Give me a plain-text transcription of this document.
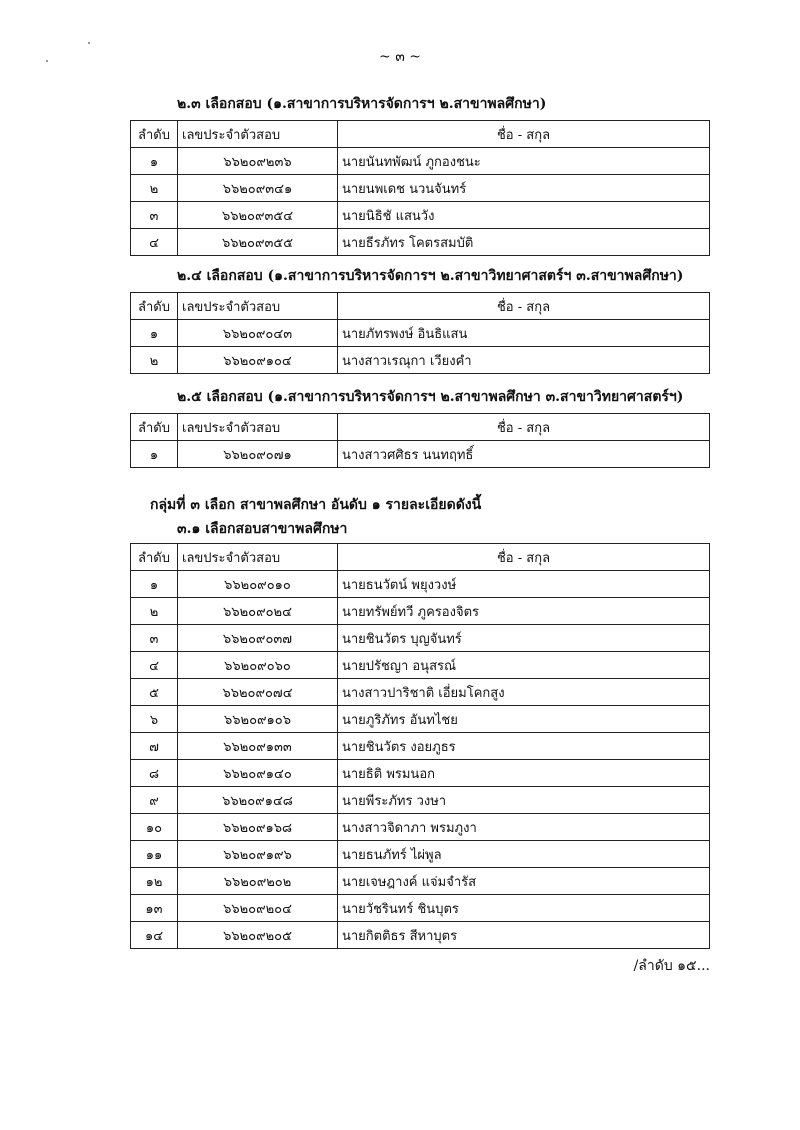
~ ๓ ~
๒.๓ เลือกสอบ (๑.สาขาการบริหารจัดการฯ ๒.สาขาพลศึกษา)
ลำดับ	เลขประจำตัวสอบ	ชื่อ - สกุล
๑	๖๖๒๐๙๒๓๖	นายนันทพัฒน์ ภูกองชนะ
๒	๖๖๒๐๙๓๔๑	นายนพเดช นวนจันทร์
๓	๖๖๒๐๙๓๕๔	นายนิธิชั แสนวัง
๔	๖๖๒๐๙๓๕๕	นายธีรภัทร โคตรสมบัติ
๒.๔ เลือกสอบ (๑.สาขาการบริหารจัดการฯ ๒.สาขาวิทยาศาสตร์ฯ ๓.สาขาพลศึกษา)
ลำดับ	เลขประจำตัวสอบ	ชื่อ - สกุล
๑	๖๖๒๐๙๐๔๓	นายภัทรพงษ์ อินธิแสน
๒	๖๖๒๐๙๑๐๔	นางสาวเรณุกา เวียงคำ
๒.๕ เลือกสอบ (๑.สาขาการบริหารจัดการฯ ๒.สาขาพลศึกษา ๓.สาขาวิทยาศาสตร์ฯ)
ลำดับ	เลขประจำตัวสอบ	ชื่อ - สกุล
๑	๖๖๒๐๙๐๗๑	นางสาวศศิธร นนทฤทธิ์
กลุ่มที่ ๓ เลือก สาขาพลศึกษา อันดับ ๑ รายละเอียดดังนี้
๓.๑ เลือกสอบสาขาพลศึกษา
ลำดับ	เลขประจำตัวสอบ	ชื่อ - สกุล
๑	๖๖๒๐๙๐๑๐	นายธนวัตน์ พยุงวงษ์
๒	๖๖๒๐๙๐๒๔	นายทรัพย์ทวี ภูครองจิตร
๓	๖๖๒๐๙๐๓๗	นายชินวัตร บุญจันทร์
๔	๖๖๒๐๙๐๖๐	นายปรัชญา อนุสรณ์
๕	๖๖๒๐๙๐๗๔	นางสาวปาริชาติ เอี่ยมโคกสูง
๖	๖๖๒๐๙๑๐๖	นายภูริภัทร อันทไชย
๗	๖๖๒๐๙๑๓๓	นายชินวัตร งอยภูธร
๘	๖๖๒๐๙๑๔๐	นายธิติ พรมนอก
๙	๖๖๒๐๙๑๔๘	นายพีระภัทร วงษา
๑๐	๖๖๒๐๙๑๖๘	นางสาวจิดาภา พรมภูงา
๑๑	๖๖๒๐๙๑๙๖	นายธนภัทร์ ไผ่พูล
๑๒	๖๖๒๐๙๒๐๒	นายเจษฎางค์ แจ่มจำรัส
๑๓	๖๖๒๐๙๒๐๔	นายวัชรินทร์ ชินบุตร
๑๔	๖๖๒๐๙๒๐๕	นายกิตติธร สีหาบุตร
/ลำดับ ๑๕...
